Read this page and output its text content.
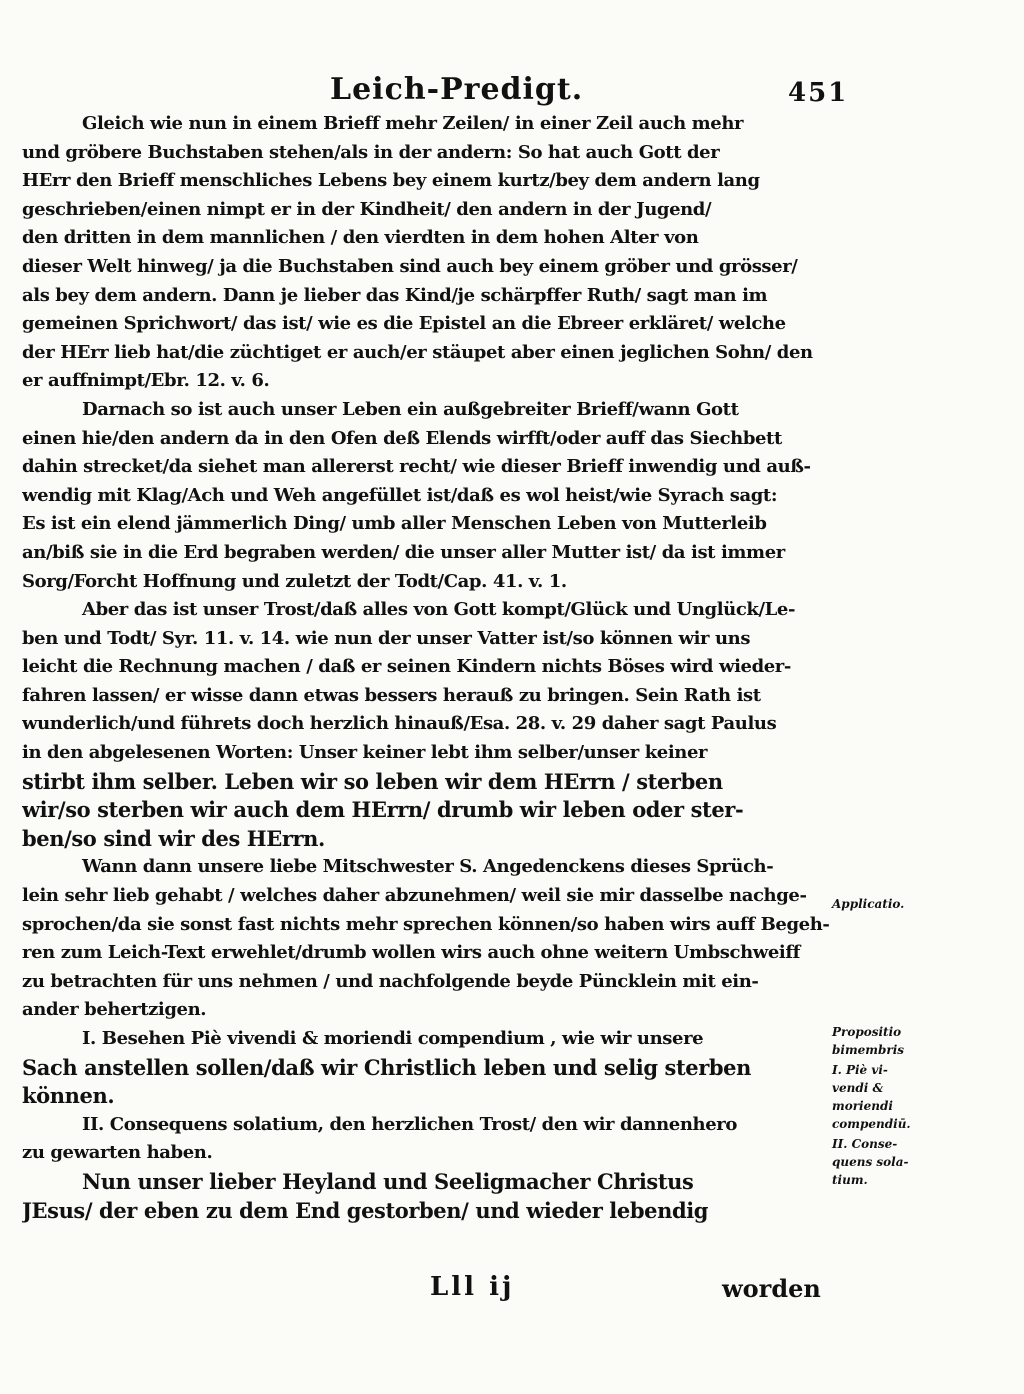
Leich-Predigt.	451
Gleich wie nun in einem Brieff mehr Zeilen/ in einer Zeil auch mehr
und gröbere Buchstaben stehen/als in der andern: So hat auch Gott der
HErr den Brieff menschliches Lebens bey einem kurtz/bey dem andern lang
geschrieben/einen nimpt er in der Kindheit/ den andern in der Jugend/
den dritten in dem mannlichen / den vierdten in dem hohen Alter von
dieser Welt hinweg/ ja die Buchstaben sind auch bey einem gröber und grösser/
als bey dem andern. Dann je lieber das Kind/je schärpffer Ruth/ sagt man im
gemeinen Sprichwort/ das ist/ wie es die Epistel an die Ebreer erkläret/ welche
der HErr lieb hat/die züchtiget er auch/er stäupet aber einen jeglichen Sohn/ den
er auffnimpt/Ebr. 12. v. 6.
Darnach so ist auch unser Leben ein außgebreiter Brieff/wann Gott
einen hie/den andern da in den Ofen deß Elends wirfft/oder auff das Siechbett
dahin strecket/da siehet man allererst recht/ wie dieser Brieff inwendig und auß-
wendig mit Klag/Ach und Weh angefüllet ist/daß es wol heist/wie Syrach sagt:
Es ist ein elend jämmerlich Ding/ umb aller Menschen Leben von Mutterleib
an/biß sie in die Erd begraben werden/ die unser aller Mutter ist/ da ist immer
Sorg/Forcht Hoffnung und zuletzt der Todt/Cap. 41. v. 1.
Aber das ist unser Trost/daß alles von Gott kompt/Glück und Unglück/Le-
ben und Todt/ Syr. 11. v. 14. wie nun der unser Vatter ist/so können wir uns
leicht die Rechnung machen / daß er seinen Kindern nichts Böses wird wieder-
fahren lassen/ er wisse dann etwas bessers herauß zu bringen. Sein Rath ist
wunderlich/und führets doch herzlich hinauß/Esa. 28. v. 29 daher sagt Paulus
in den abgelesenen Worten: Unser keiner lebt ihm selber/unser keiner
stirbt ihm selber. Leben wir so leben wir dem HErrn / sterben
wir/so sterben wir auch dem HErrn/ drumb wir leben oder ster-
ben/so sind wir des HErrn.
Wann dann unsere liebe Mitschwester S. Angedenckens dieses Sprüch-
lein sehr lieb gehabt / welches daher abzunehmen/ weil sie mir dasselbe nachge-
sprochen/da sie sonst fast nichts mehr sprechen können/so haben wirs auff Begeh-
ren zum Leich-Text erwehlet/drumb wollen wirs auch ohne weitern Umbschweiff
zu betrachten für uns nehmen / und nachfolgende beyde Püncklein mit ein-
ander behertzigen.
I. Besehen Piè vivendi & moriendi compendium , wie wir unsere
Sach anstellen sollen/daß wir Christlich leben und selig sterben
können.
II. Consequens solatium, den herzlichen Trost/ den wir dannenhero
zu gewarten haben.
Nun unser lieber Heyland und Seeligmacher Christus
JEsus/ der eben zu dem End gestorben/ und wieder lebendig
Applicatio.
Propositio
bimembris
I. Piè vi-
vendi &
moriendi
compendiū.
II. Conse-
quens sola-
tium.
Lll ij	worden
